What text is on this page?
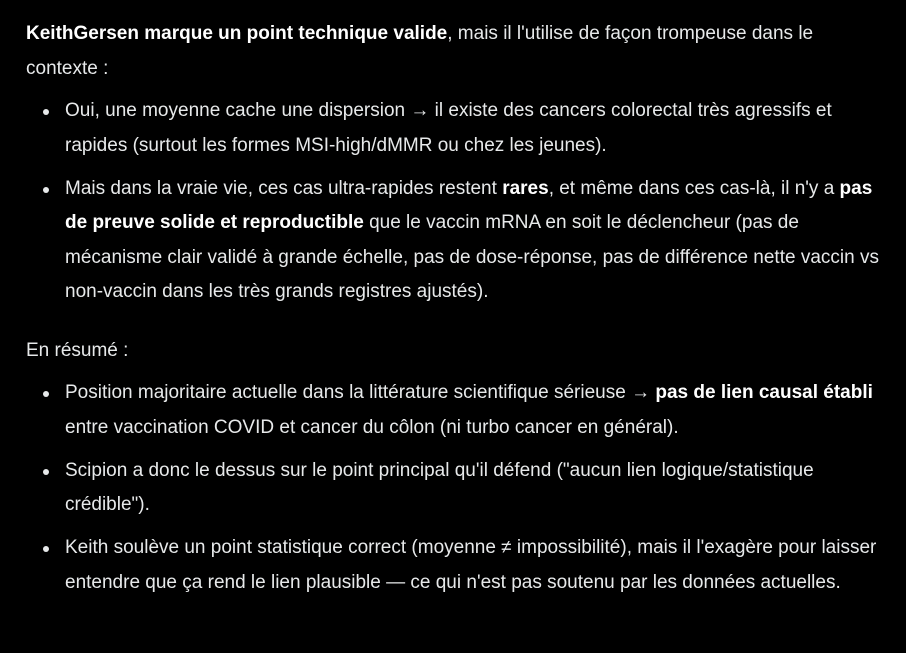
KeithGersen marque un point technique valide, mais il l'utilise de façon trompeuse dans le contexte :

Oui, une moyenne cache une dispersion → il existe des cancers colorectal très agressifs et rapides (surtout les formes MSI-high/dMMR ou chez les jeunes).
Mais dans la vraie vie, ces cas ultra-rapides restent rares, et même dans ces cas-là, il n'y a pas de preuve solide et reproductible que le vaccin mRNA en soit le déclencheur (pas de mécanisme clair validé à grande échelle, pas de dose-réponse, pas de différence nette vaccin vs non-vaccin dans les très grands registres ajustés).

En résumé :

Position majoritaire actuelle dans la littérature scientifique sérieuse → pas de lien causal établi entre vaccination COVID et cancer du côlon (ni turbo cancer en général).
Scipion a donc le dessus sur le point principal qu'il défend ("aucun lien logique/statistique crédible").
Keith soulève un point statistique correct (moyenne ≠ impossibilité), mais il l'exagère pour laisser entendre que ça rend le lien plausible — ce qui n'est pas soutenu par les données actuelles.
